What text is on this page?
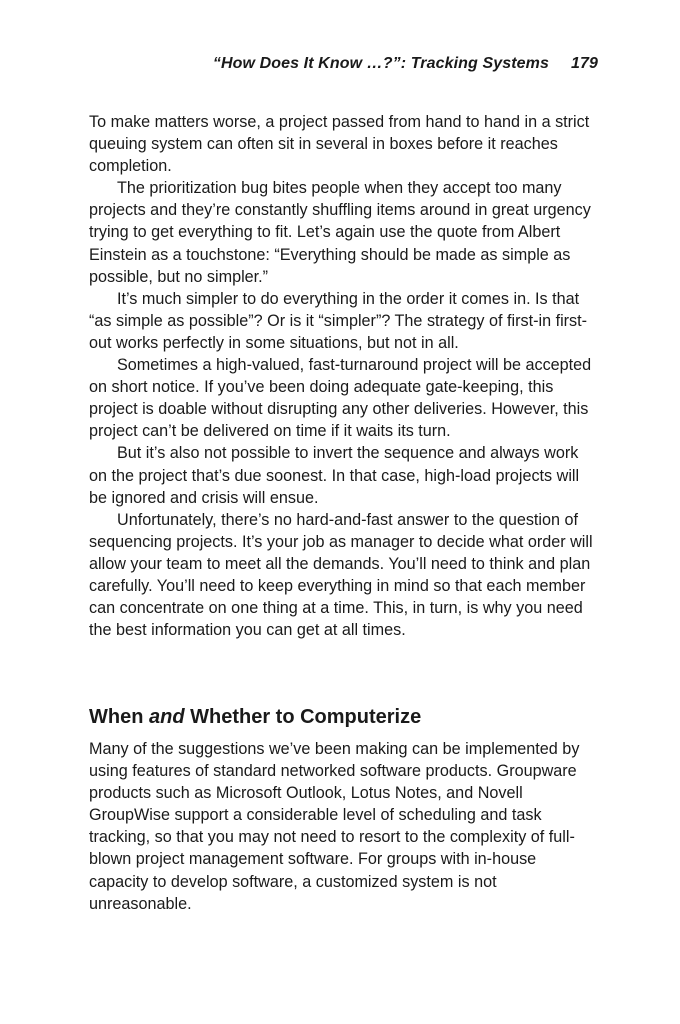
“How Does It Know …?”: Tracking Systems 179

To make matters worse, a project passed from hand to hand in a strict queuing system can often sit in several in boxes before it reaches completion.

The prioritization bug bites people when they accept too many projects and they’re constantly shuffling items around in great urgency trying to get everything to fit. Let’s again use the quote from Albert Einstein as a touchstone: “Everything should be made as simple as possible, but no simpler.”

It’s much simpler to do everything in the order it comes in. Is that “as simple as possible”? Or is it “simpler”? The strategy of first-in first-out works perfectly in some situations, but not in all.

Sometimes a high-valued, fast-turnaround project will be accepted on short notice. If you’ve been doing adequate gate-keeping, this project is doable without disrupting any other deliveries. However, this project can’t be delivered on time if it waits its turn.

But it’s also not possible to invert the sequence and always work on the project that’s due soonest. In that case, high-load projects will be ignored and crisis will ensue.

Unfortunately, there’s no hard-and-fast answer to the question of sequencing projects. It’s your job as manager to decide what order will allow your team to meet all the demands. You’ll need to think and plan carefully. You’ll need to keep everything in mind so that each member can concentrate on one thing at a time. This, in turn, is why you need the best information you can get at all times.

When and Whether to Computerize

Many of the suggestions we’ve been making can be implemented by using features of standard networked software products. Groupware products such as Microsoft Outlook, Lotus Notes, and Novell GroupWise support a considerable level of scheduling and task tracking, so that you may not need to resort to the complexity of full-blown project management software. For groups with in-house capacity to develop software, a customized system is not unreasonable.
